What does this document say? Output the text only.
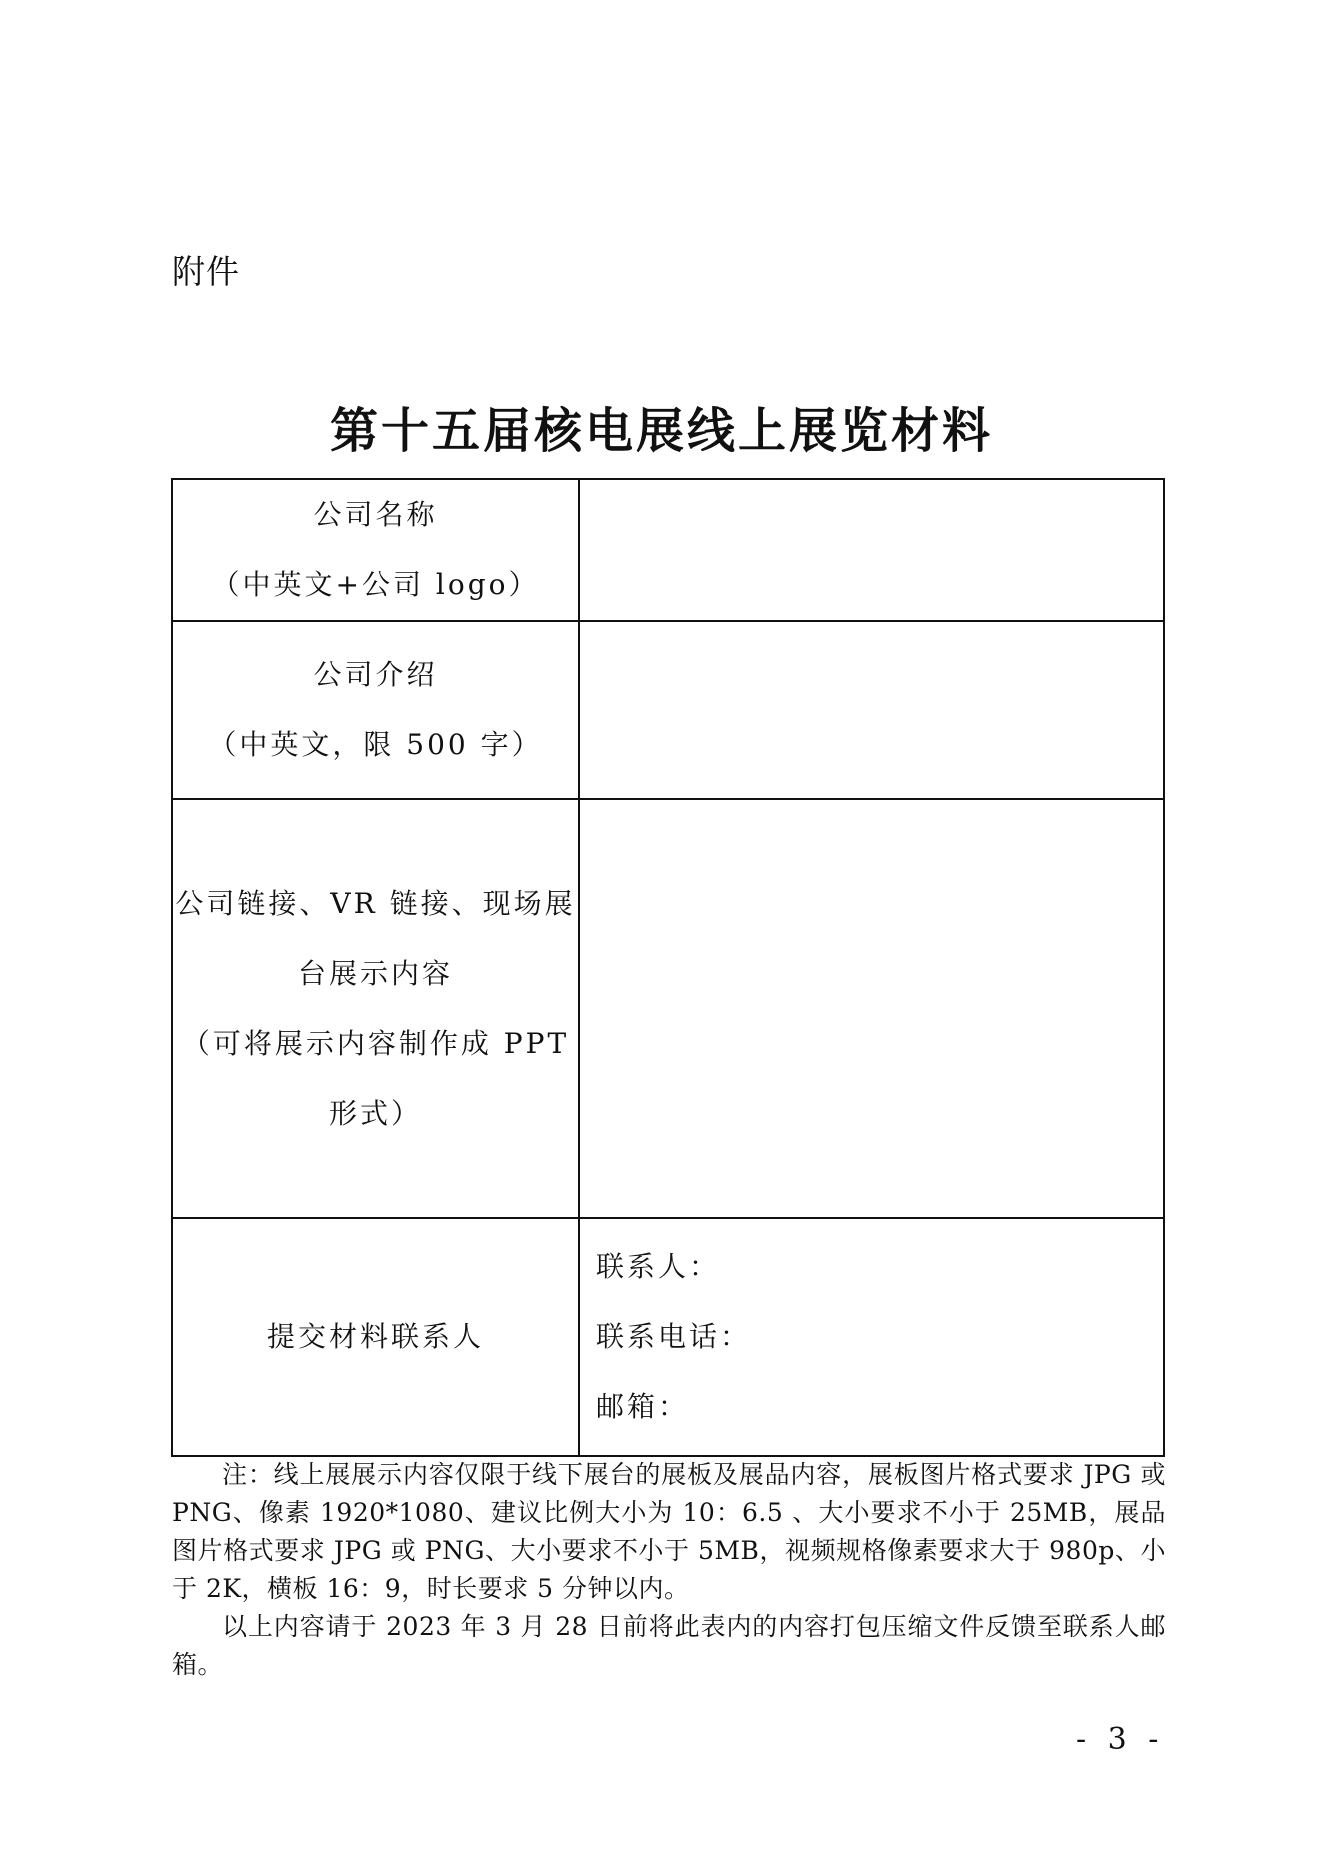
附件
第十五届核电展线上展览材料
公司名称
（中英文+公司 logo）	

公司介绍
（中英文，限 500 字）	

公司链接、VR 链接、现场展
台展示内容
（可将展示内容制作成 PPT
形式）	

提交材料联系人	联系人：
联系电话：
邮箱：

注：线上展展示内容仅限于线下展台的展板及展品内容，展板图片格式要求 JPG 或 PNG、像素 1920*1080、建议比例大小为 10：6.5 、大小要求不小于 25MB，展品图片格式要求 JPG 或 PNG、大小要求不小于 5MB，视频规格像素要求大于 980p、小于 2K，横板 16：9，时长要求 5 分钟以内。

以上内容请于 2023 年 3 月 28 日前将此表内的内容打包压缩文件反馈至联系人邮箱。

- 3 -
